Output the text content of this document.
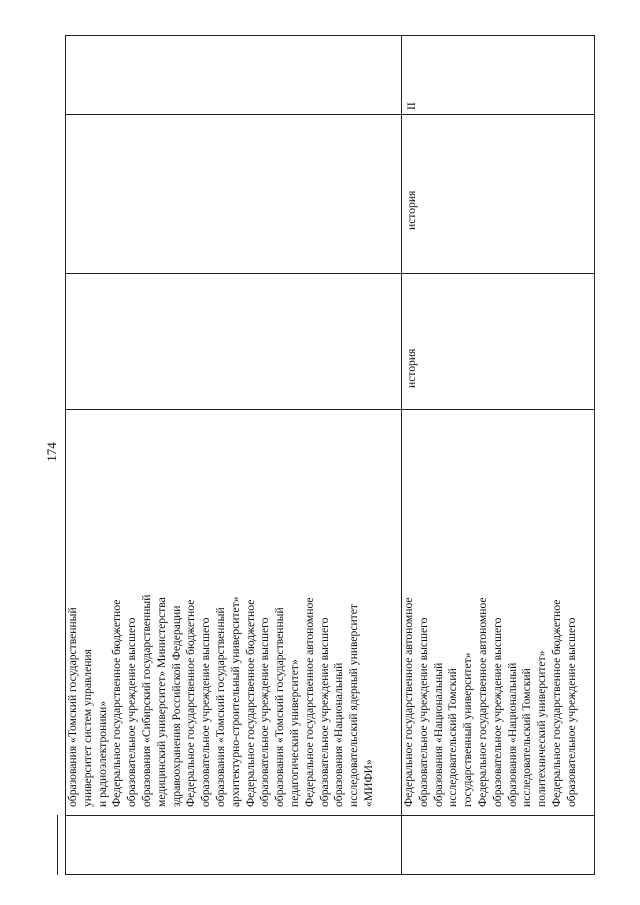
174
образования «Томский государственный университет систем управления и радиоэлектроники» Федеральное государственное бюджетное образовательное учреждение высшего образования «Сибирский государственный медицинский университет» Министерства здравоохранения Российской Федерации Федеральное государственное бюджетное образовательное учреждение высшего образования «Томский государственный архитектурно-строительный университет» Федеральное государственное бюджетное образовательное учреждение высшего образования «Томский государственный педагогический университет» Федеральное государственное автономное образовательное учреждение высшего образования «Национальный исследовательский ядерный университет «МИФИ»
II
история
история
Федеральное государственное автономное образовательное учреждение высшего образования «Национальный исследовательский Томский государственный университет» Федеральное государственное автономное образовательное учреждение высшего образования «Национальный исследовательский Томский политехнический университет» Федеральное государственное бюджетное образовательное учреждение высшего
